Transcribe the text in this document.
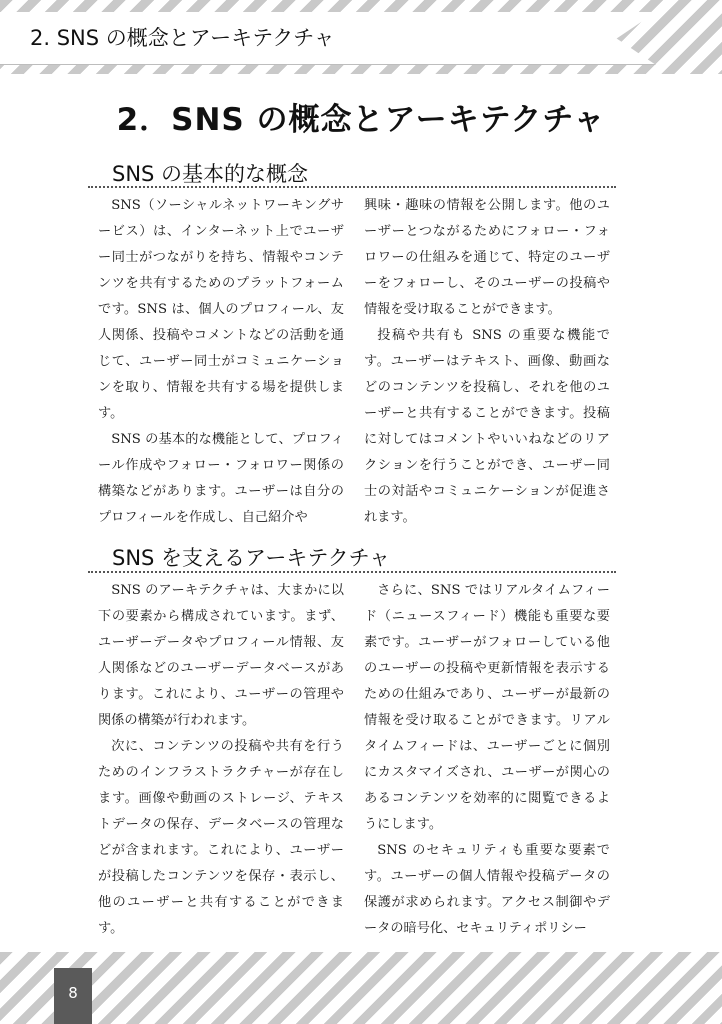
2. SNS の概念とアーキテクチャ
2．SNS の概念とアーキテクチャ
SNS の基本的な概念

SNS（ソーシャルネットワーキングサービス）は、インターネット上でユーザー同士がつながりを持ち、情報やコンテンツを共有するためのプラットフォームです。SNS は、個人のプロフィール、友人関係、投稿やコメントなどの活動を通じて、ユーザー同士がコミュニケーションを取り、情報を共有する場を提供します。

SNS の基本的な機能として、プロフィール作成やフォロー・フォロワー関係の構築などがあります。ユーザーは自分のプロフィールを作成し、自己紹介や

興味・趣味の情報を公開します。他のユーザーとつながるためにフォロー・フォロワーの仕組みを通じて、特定のユーザーをフォローし、そのユーザーの投稿や情報を受け取ることができます。

投稿や共有も SNS の重要な機能です。ユーザーはテキスト、画像、動画などのコンテンツを投稿し、それを他のユーザーと共有することができます。投稿に対してはコメントやいいねなどのリアクションを行うことができ、ユーザー同士の対話やコミュニケーションが促進されます。

SNS を支えるアーキテクチャ

SNS のアーキテクチャは、大まかに以下の要素から構成されています。まず、ユーザーデータやプロフィール情報、友人関係などのユーザーデータベースがあります。これにより、ユーザーの管理や関係の構築が行われます。

次に、コンテンツの投稿や共有を行うためのインフラストラクチャーが存在します。画像や動画のストレージ、テキストデータの保存、データベースの管理などが含まれます。これにより、ユーザーが投稿したコンテンツを保存・表示し、他のユーザーと共有することができます。

さらに、SNS ではリアルタイムフィード（ニュースフィード）機能も重要な要素です。ユーザーがフォローしている他のユーザーの投稿や更新情報を表示するための仕組みであり、ユーザーが最新の情報を受け取ることができます。リアルタイムフィードは、ユーザーごとに個別にカスタマイズされ、ユーザーが関心のあるコンテンツを効率的に閲覧できるようにします。

SNS のセキュリティも重要な要素です。ユーザーの個人情報や投稿データの保護が求められます。アクセス制御やデータの暗号化、セキュリティポリシー

8
